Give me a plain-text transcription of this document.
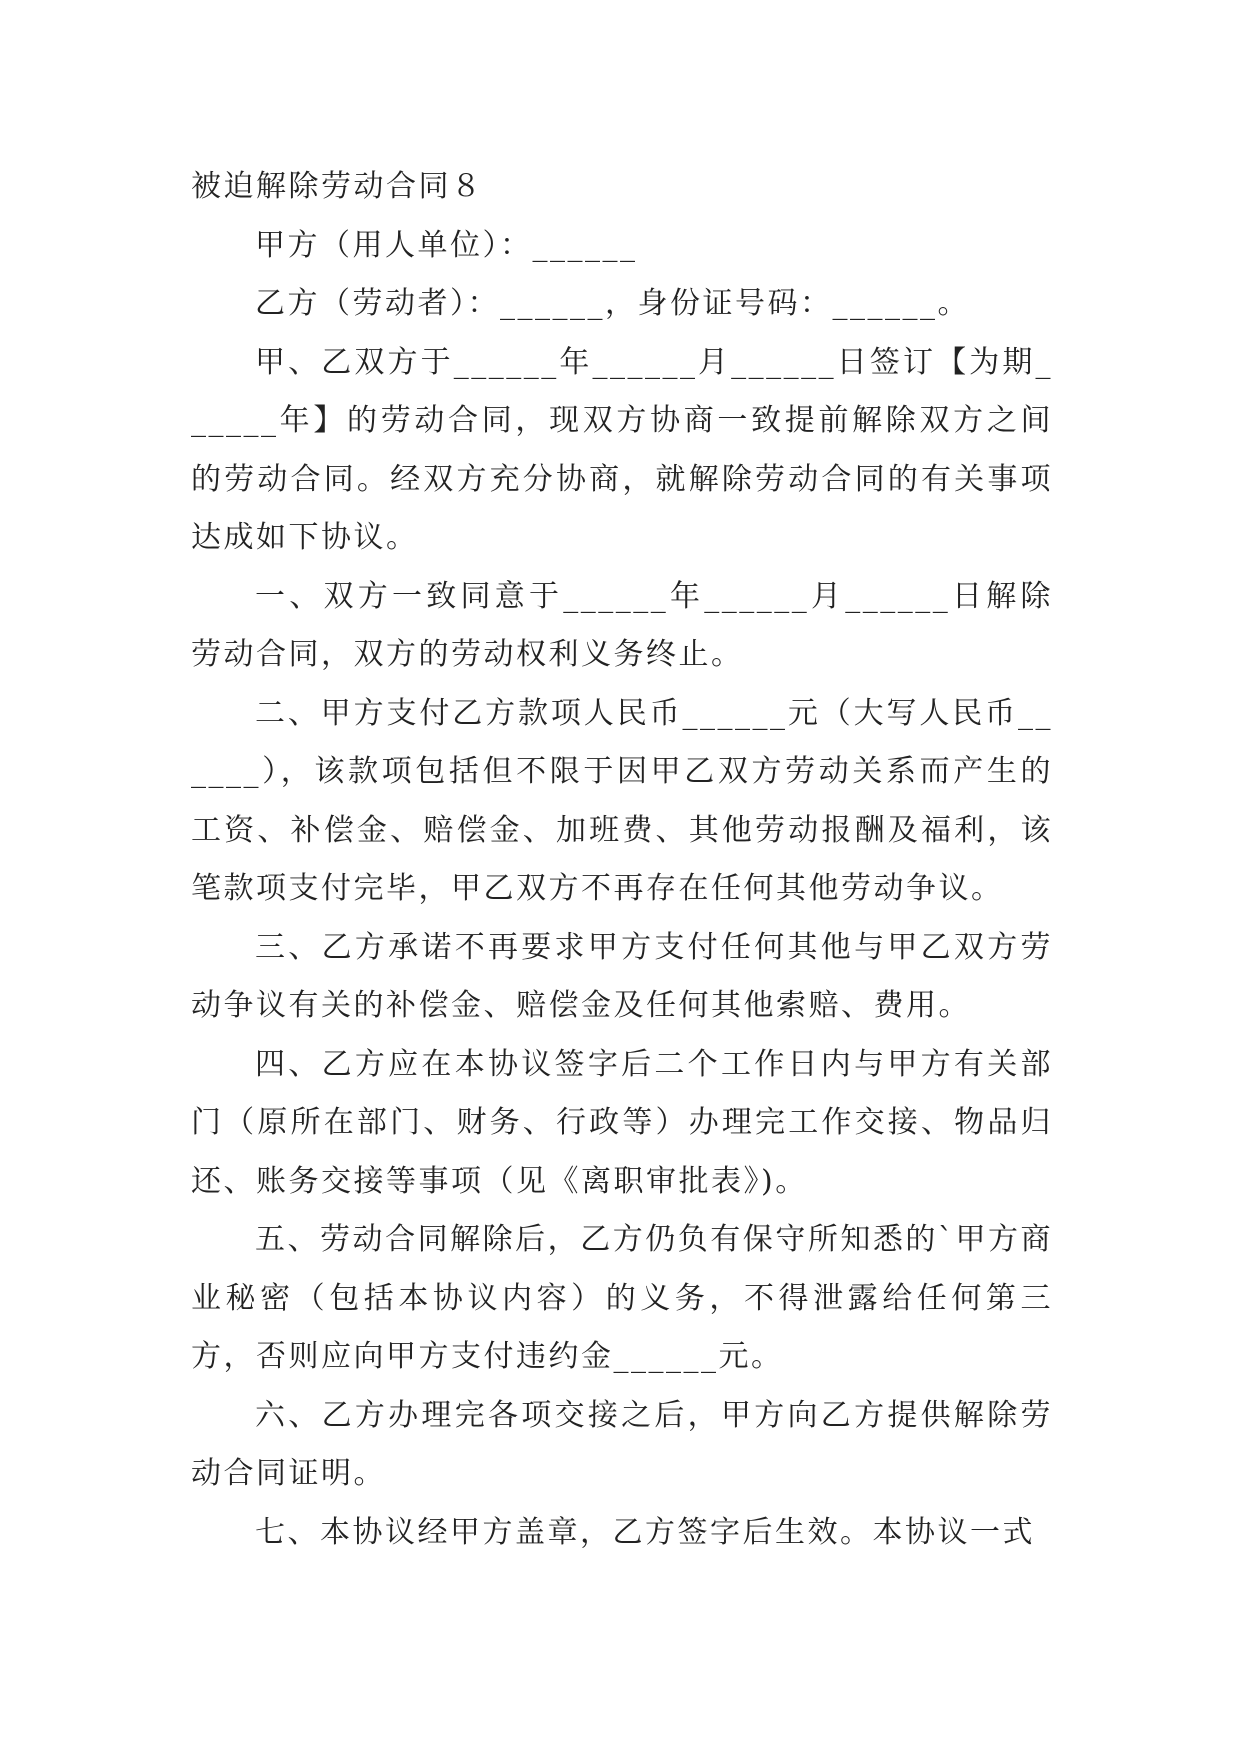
被迫解除劳动合同８

甲方（用人单位）：______

乙方（劳动者）：______，身份证号码：______。

甲、乙双方于______年______月______日签订【为期______年】的劳动合同，现双方协商一致提前解除双方之间的劳动合同。经双方充分协商，就解除劳动合同的有关事项达成如下协议。

一、双方一致同意于______年______月______日解除劳动合同，双方的劳动权利义务终止。

二、甲方支付乙方款项人民币______元（大写人民币______），该款项包括但不限于因甲乙双方劳动关系而产生的工资、补偿金、赔偿金、加班费、其他劳动报酬及福利，该笔款项支付完毕，甲乙双方不再存在任何其他劳动争议。

三、乙方承诺不再要求甲方支付任何其他与甲乙双方劳动争议有关的补偿金、赔偿金及任何其他索赔、费用。

四、乙方应在本协议签字后二个工作日内与甲方有关部门（原所在部门、财务、行政等）办理完工作交接、物品归还、账务交接等事项（见《离职审批表》)。

五、劳动合同解除后，乙方仍负有保守所知悉的`甲方商业秘密（包括本协议内容）的义务，不得泄露给任何第三方，否则应向甲方支付违约金______元。

六、乙方办理完各项交接之后，甲方向乙方提供解除劳动合同证明。

七、本协议经甲方盖章，乙方签字后生效。本协议一式
